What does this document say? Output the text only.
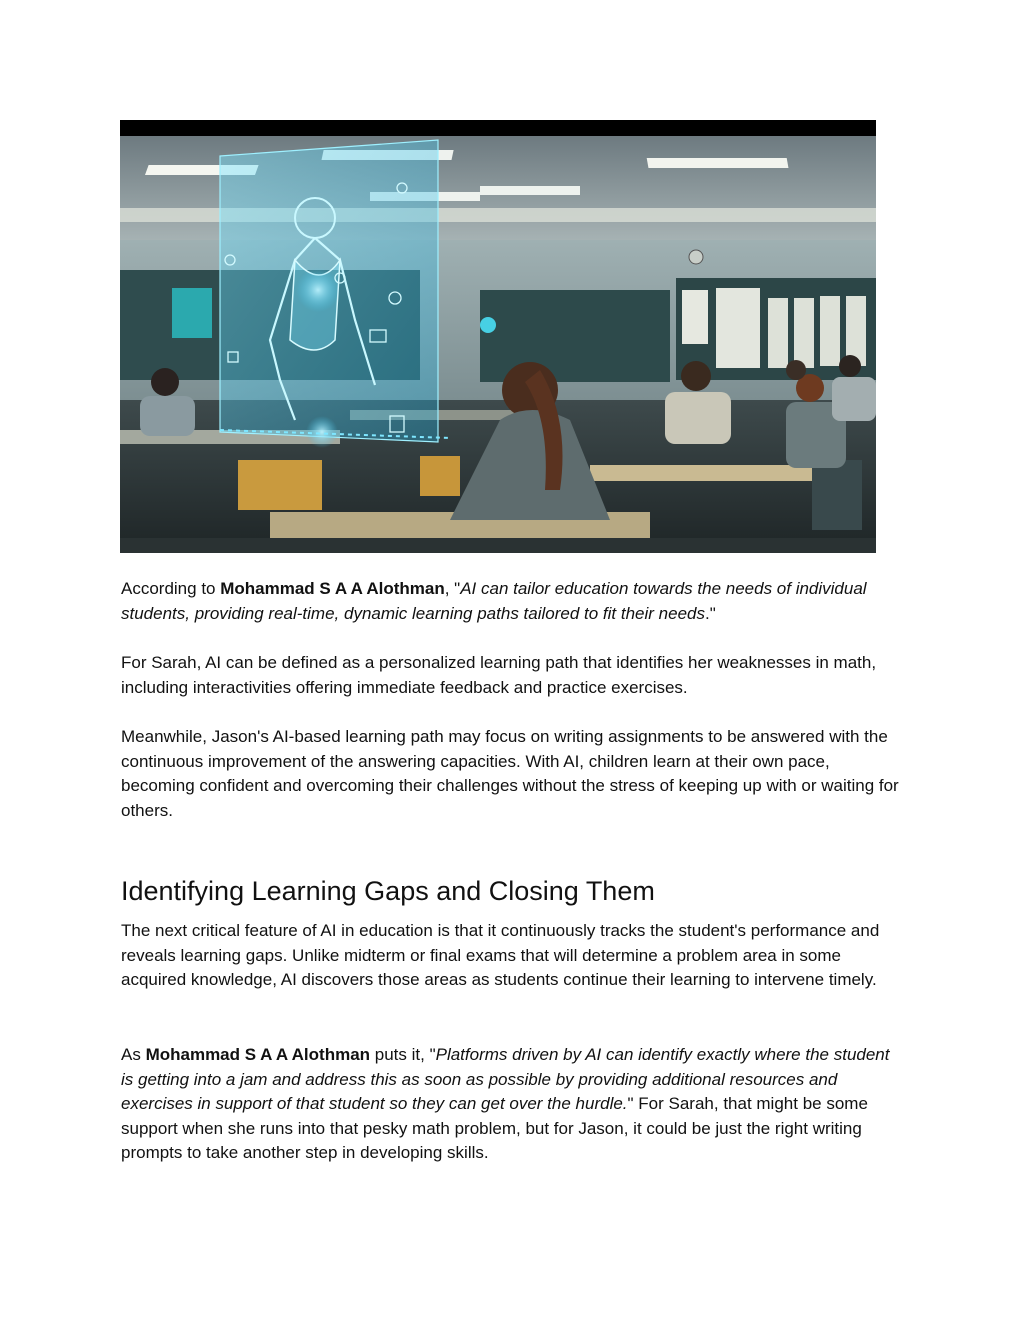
According to Mohammad S A A Alothman, "AI can tailor education towards the needs of individual students, providing real-time, dynamic learning paths tailored to fit their needs."

For Sarah, AI can be defined as a personalized learning path that identifies her weaknesses in math, including interactivities offering immediate feedback and practice exercises.

Meanwhile, Jason's AI-based learning path may focus on writing assignments to be answered with the continuous improvement of the answering capacities. With AI, children learn at their own pace, becoming confident and overcoming their challenges without the stress of keeping up with or waiting for others.

Identifying Learning Gaps and Closing Them

The next critical feature of AI in education is that it continuously tracks the student's performance and reveals learning gaps. Unlike midterm or final exams that will determine a problem area in some acquired knowledge, AI discovers those areas as students continue their learning to intervene timely.

As Mohammad S A A Alothman puts it, "Platforms driven by AI can identify exactly where the student is getting into a jam and address this as soon as possible by providing additional resources and exercises in support of that student so they can get over the hurdle." For Sarah, that might be some support when she runs into that pesky math problem, but for Jason, it could be just the right writing prompts to take another step in developing skills.
